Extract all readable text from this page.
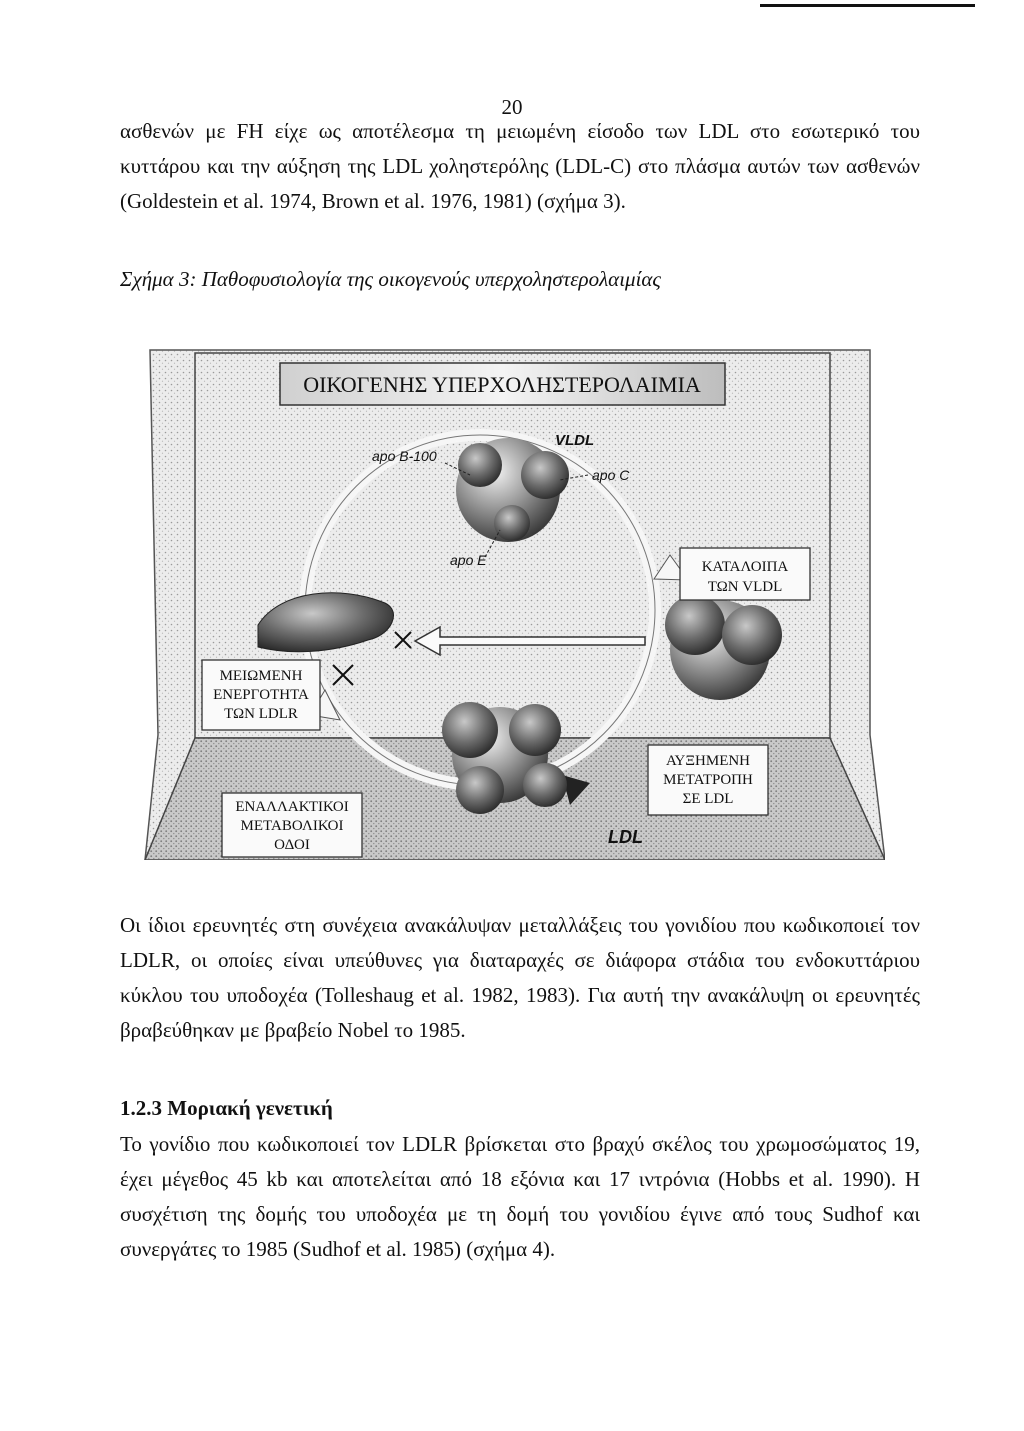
20

ασθενών με FH είχε ως αποτέλεσμα τη μειωμένη είσοδο των LDL στο εσωτερικό του
κυττάρου και την αύξηση της LDL χοληστερόλης (LDL-C) στο πλάσμα αυτών των ασθενών
(Goldestein et al. 1974, Brown et al. 1976, 1981) (σχήμα 3).

Σχήμα 3: Παθοφυσιολογία της οικογενούς υπερχοληστερολαιμίας
ΟΙΚΟΓΕΝΗΣ ΥΠΕΡΧΟΛΗΣΤΕΡΟΛΑΙΜΙΑ
VLDL
apo B-100
apo C
apo E
LDL
ΚΑΤΑΛΟΙΠΑ
ΤΩΝ VLDL
ΜΕΙΩΜΕΝΗ
ΕΝΕΡΓΟΤΗΤΑ
ΤΩΝ LDLR
ΑΥΞΗΜΕΝΗ
ΜΕΤΑΤΡΟΠΗ
ΣΕ LDL
ΕΝΑΛΛΑΚΤΙΚΟΙ
ΜΕΤΑΒΟΛΙΚΟΙ
ΟΔΟΙ

Οι ίδιοι ερευνητές στη συνέχεια ανακάλυψαν μεταλλάξεις του γονιδίου που κωδικοποιεί τον
LDLR, οι οποίες είναι υπεύθυνες για διαταραχές σε διάφορα στάδια του ενδοκυττάριου
κύκλου του υποδοχέα (Tolleshaug et al. 1982, 1983). Για αυτή την ανακάλυψη οι ερευνητές
βραβεύθηκαν με βραβείο Nobel το 1985.

1.2.3 Μοριακή γενετική

Το γονίδιο που κωδικοποιεί τον LDLR βρίσκεται στο βραχύ σκέλος του χρωμοσώματος 19,
έχει μέγεθος 45 kb και αποτελείται από 18 εξόνια και 17 ιντρόνια (Hobbs et al. 1990). Η
συσχέτιση της δομής του υποδοχέα με τη δομή του γονιδίου έγινε από τους Sudhof και
συνεργάτες το 1985 (Sudhof et al. 1985) (σχήμα 4).
